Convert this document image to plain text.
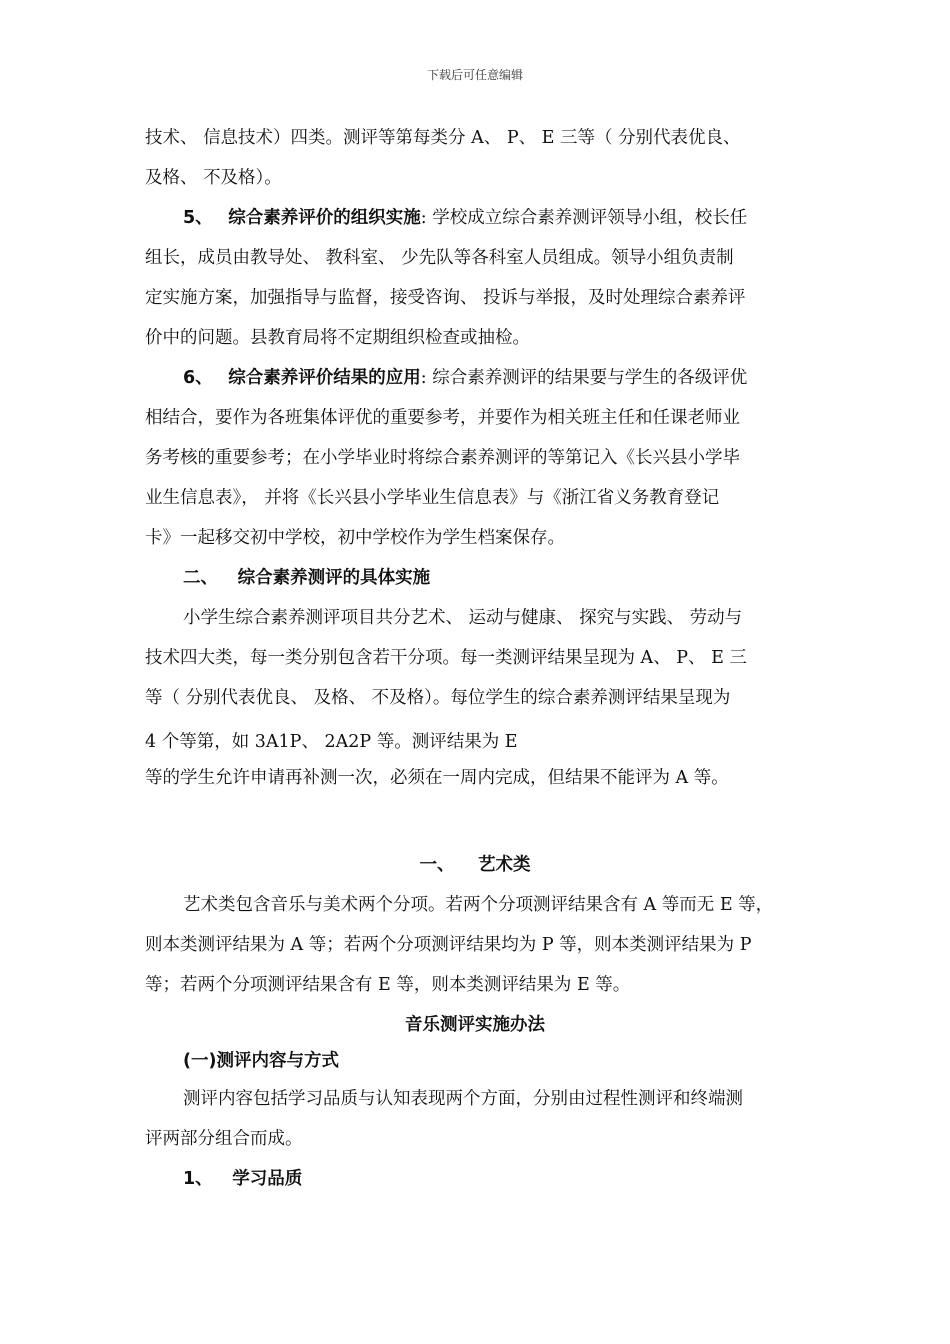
下载后可任意编辑
技术、 信息技术）四类。测评等第每类分 A、 P、 E 三等（ 分别代表优良、
及格、 不及格）。
5、 综合素养评价的组织实施: 学校成立综合素养测评领导小组，校长任
组长，成员由教导处、 教科室、 少先队等各科室人员组成。领导小组负责制
定实施方案，加强指导与监督，接受咨询、 投诉与举报，及时处理综合素养评
价中的问题。县教育局将不定期组织检查或抽检。
6、 综合素养评价结果的应用: 综合素养测评的结果要与学生的各级评优
相结合，要作为各班集体评优的重要参考，并要作为相关班主任和任课老师业
务考核的重要参考；在小学毕业时将综合素养测评的等第记入《长兴县小学毕
业生信息表》， 并将《长兴县小学毕业生信息表》与《浙江省义务教育登记
卡》一起移交初中学校，初中学校作为学生档案保存。
二、 综合素养测评的具体实施
小学生综合素养测评项目共分艺术、 运动与健康、 探究与实践、 劳动与
技术四大类，每一类分别包含若干分项。每一类测评结果呈现为 A、 P、 E 三
等（ 分别代表优良、 及格、 不及格）。每位学生的综合素养测评结果呈现为
4 个等第，如 3A1P、 2A2P 等。测评结果为 E
等的学生允许申请再补测一次，必须在一周内完成，但结果不能评为 A 等。
一、 艺术类
艺术类包含音乐与美术两个分项。若两个分项测评结果含有 A 等而无 E 等，
则本类测评结果为 A 等；若两个分项测评结果均为 P 等，则本类测评结果为 P
等；若两个分项测评结果含有 E 等，则本类测评结果为 E 等。
音乐测评实施办法
(一)测评内容与方式
测评内容包括学习品质与认知表现两个方面，分别由过程性测评和终端测
评两部分组合而成。
1、 学习品质
